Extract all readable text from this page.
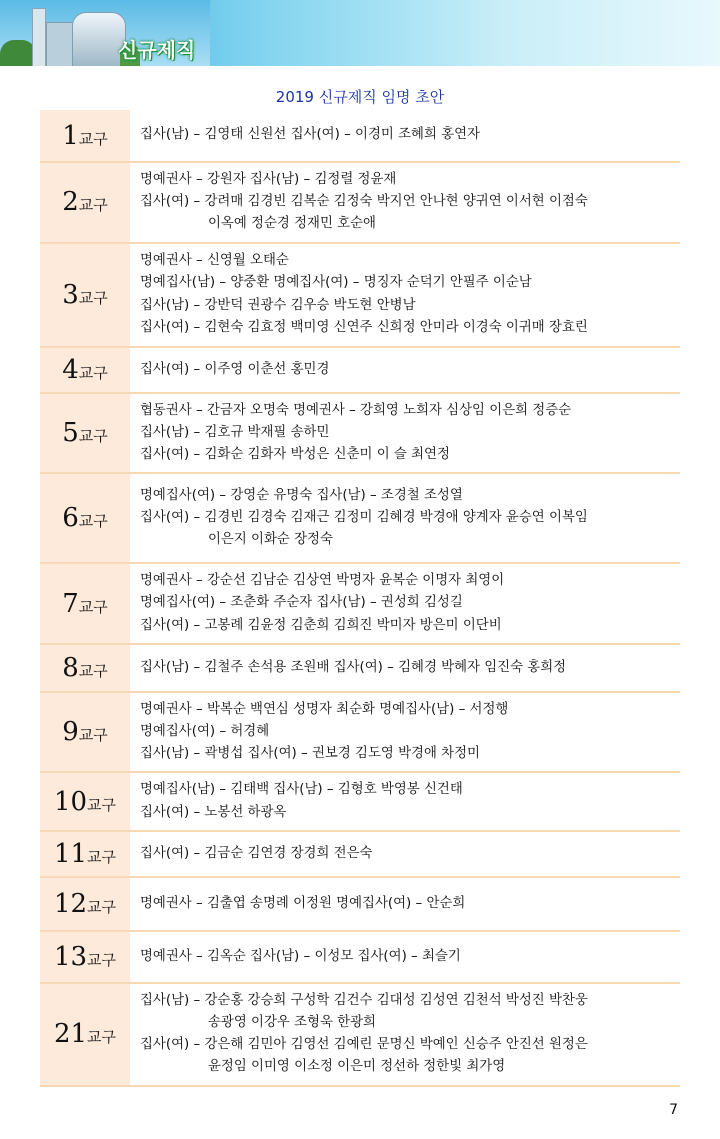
신규제직
2019 신규제직 임명 초안
1교구	집사(남) – 김영태 신원선 집사(여) – 이경미 조혜희 홍연자

2교구	명예권사 – 강원자 집사(남) – 김정렬 정윤재
집사(여) – 강려매 김경빈 김복순 김정숙 박지언 안나현 양귀연 이서현 이점숙
이옥예 정순경 정재민 호순애

3교구	명예권사 – 신영월 오태순
명예집사(남) – 양중환 명예집사(여) – 명징자 순덕기 안필주 이순남
집사(남) – 강반덕 권광수 김우승 박도현 안병남
집사(여) – 김현숙 김효정 백미영 신연주 신희정 안미라 이경숙 이귀매 장효린

4교구	집사(여) – 이주영 이춘선 홍민경

5교구	협동권사 – 간금자 오명숙 명예권사 – 강희영 노희자 심상임 이은희 정증순
집사(남) – 김호규 박재필 송하민
집사(여) – 김화순 김화자 박성은 신춘미 이 슬 최연정

6교구	명예집사(여) – 강영순 유명숙 집사(남) – 조경철 조성열
집사(여) – 김경빈 김경숙 김재근 김정미 김혜경 박경애 양계자 윤승연 이복임
이은지 이화순 장정숙

7교구	명예권사 – 강순선 김남순 김상연 박명자 윤복순 이명자 최영이
명예집사(여) – 조춘화 주순자 집사(남) – 권성희 김성길
집사(여) – 고봉례 김윤정 김춘희 김희진 박미자 방은미 이단비

8교구	집사(남) – 김철주 손석용 조원배 집사(여) – 김혜경 박혜자 임진숙 홍희정

9교구	명예권사 – 박복순 백연심 성명자 최순화 명예집사(남) – 서정행
명예집사(여) – 허경혜
집사(남) – 곽병섭 집사(여) – 권보경 김도영 박경애 차정미

10교구	명예집사(남) – 김태백 집사(남) – 김형호 박영봉 신건태
집사(여) – 노봉선 하광옥

11교구	집사(여) – 김금순 김연경 장경희 전은숙

12교구	명예권사 – 김출엽 송명례 이정원 명예집사(여) – 안순희

13교구	명예권사 – 김옥순 집사(남) – 이성모 집사(여) – 최슬기

21교구	집사(남) – 강순홍 강승희 구성학 김건수 김대성 김성연 김천석 박성진 박찬웅
송광영 이강우 조형욱 한광희
집사(여) – 강은해 김민아 김영선 김예린 문명신 박예인 신승주 안진선 원정은
윤정임 이미영 이소정 이은미 정선하 정한빛 최가영
7
